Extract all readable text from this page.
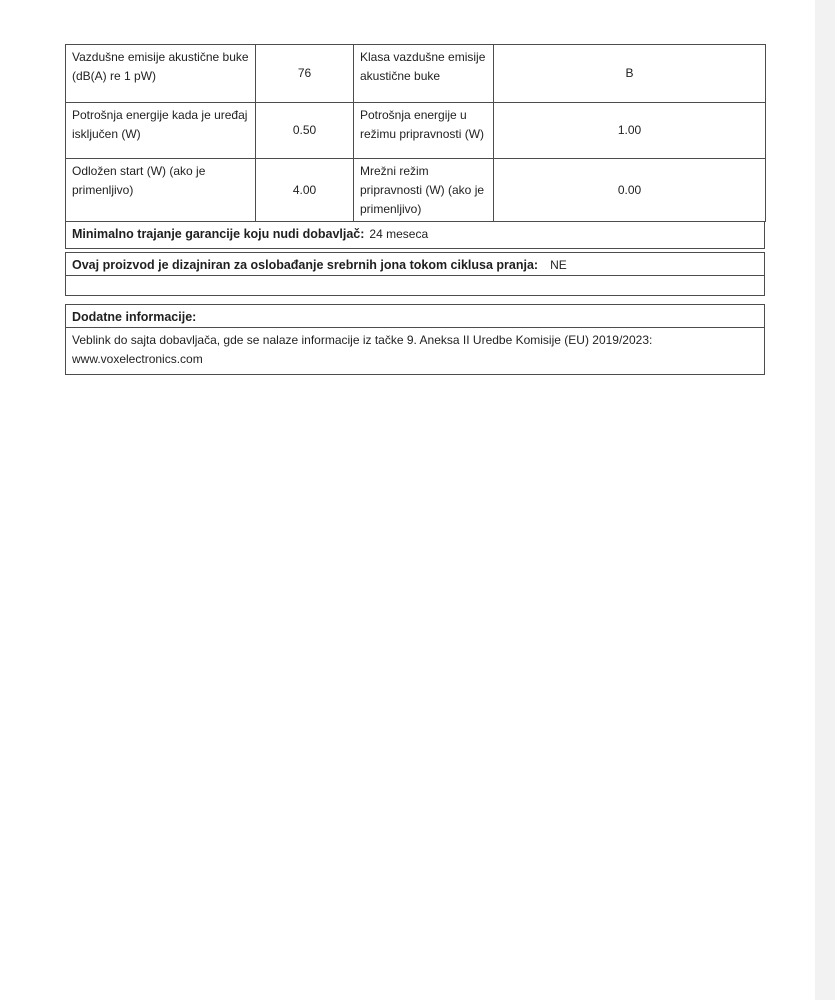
Vazdušne emisije akustične buke (dB(A) re 1 pW)	76	Klasa vazdušne emisije akustične buke	B
Potrošnja energije kada je uređaj isključen (W)	0.50	Potrošnja energije u režimu pripravnosti (W)	1.00
Odložen start (W) (ako je primenljivo)	4.00	Mrežni režim pripravnosti (W) (ako je primenljivo)	0.00
Minimalno trajanje garancije koju nudi dobavljač: 24 meseca
Ovaj proizvod je dizajniran za oslobađanje srebrnih jona tokom ciklusa pranja: NE
Dodatne informacije:
Veblink do sajta dobavljača, gde se nalaze informacije iz tačke 9. Aneksa II Uredbe Komisije (EU) 2019/2023: www.voxelectronics.com
